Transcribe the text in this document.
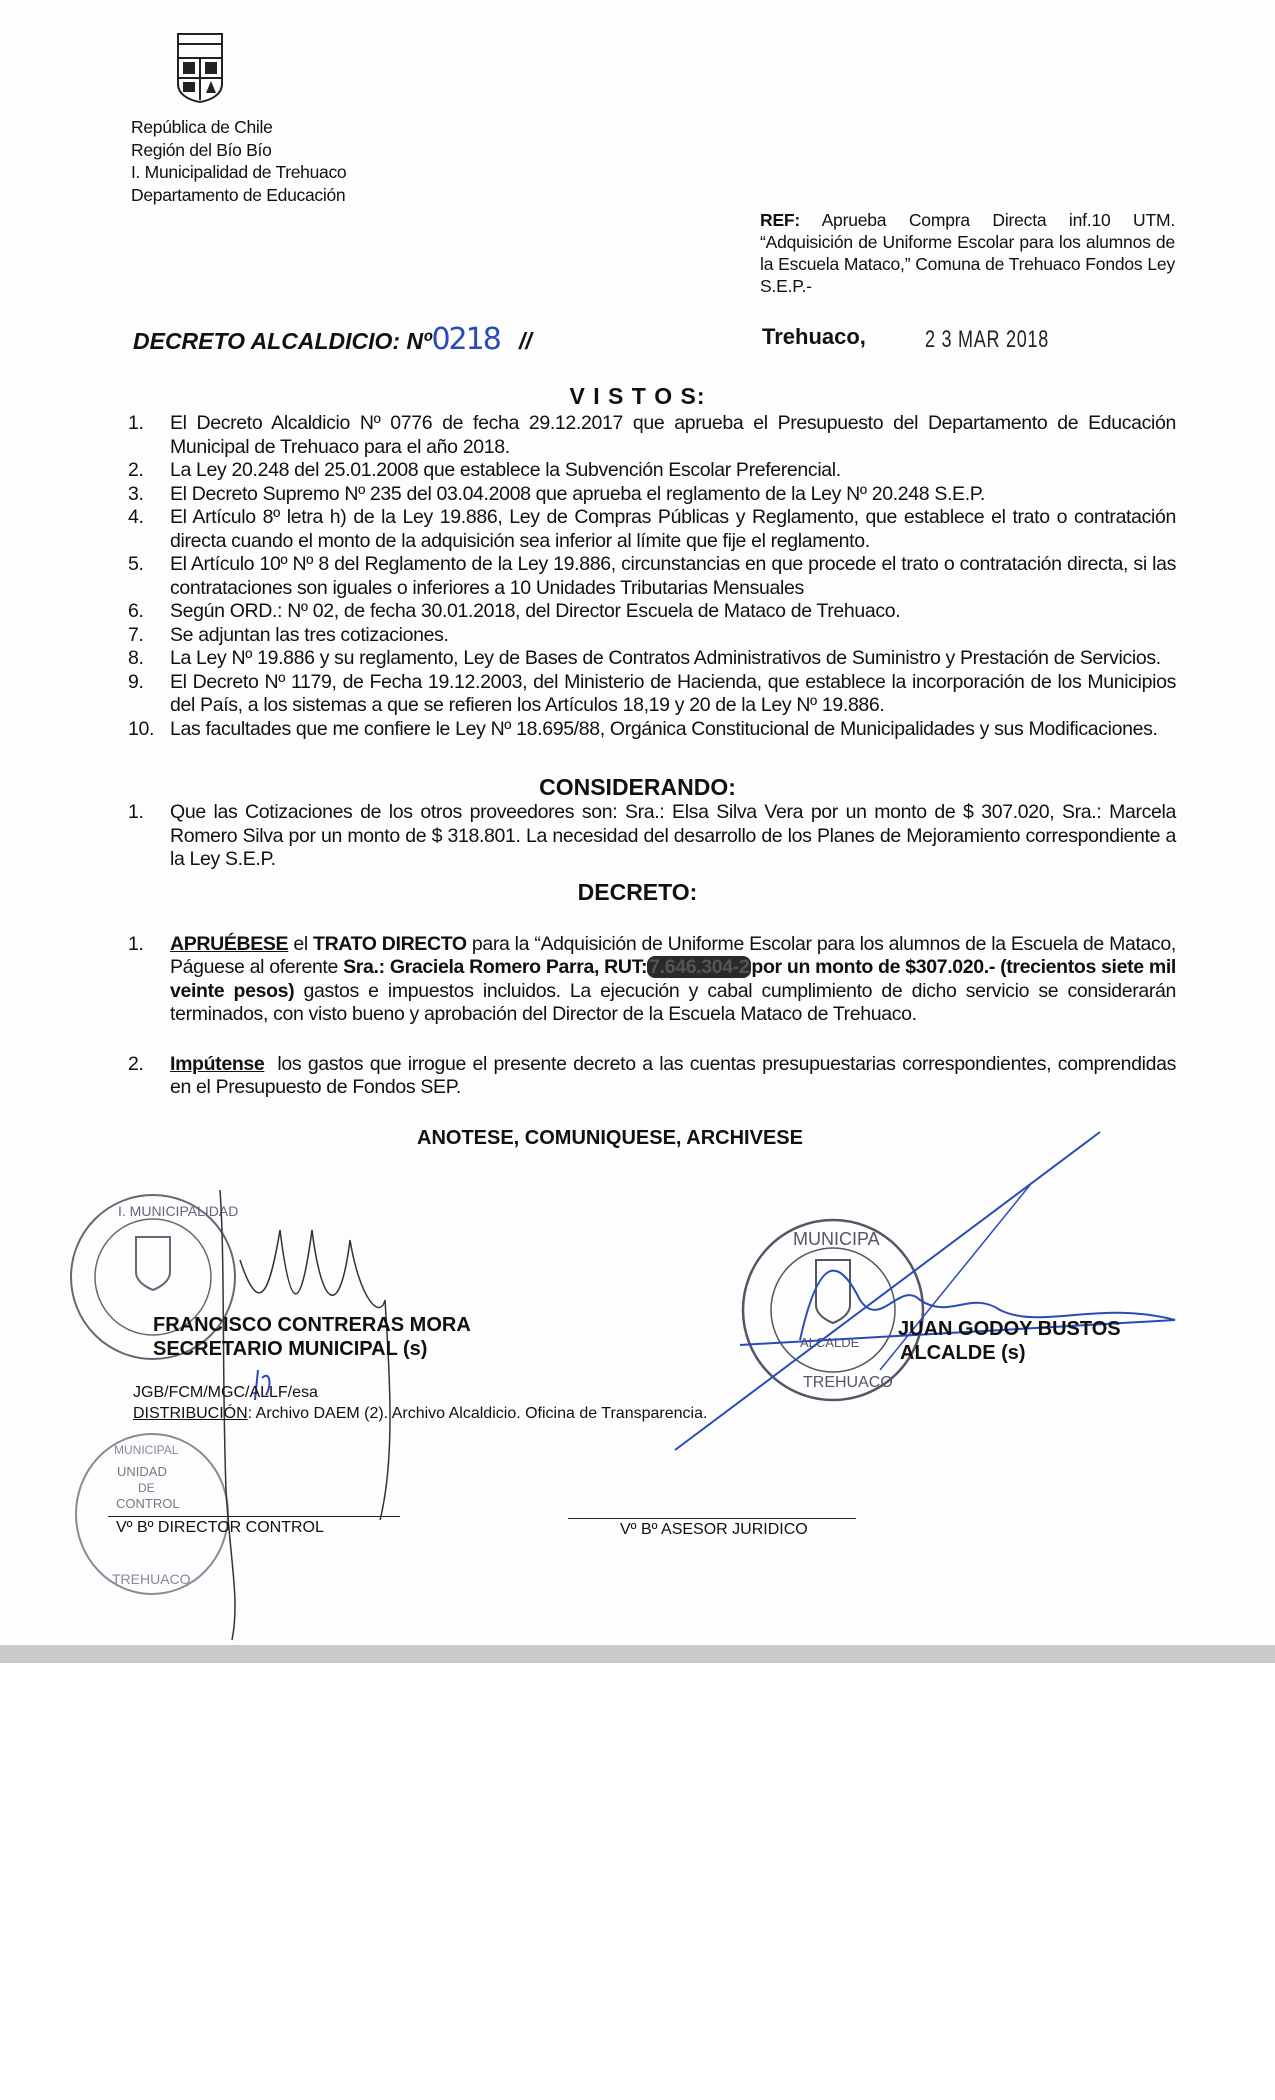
República de Chile
Región del Bío Bío
I. Municipalidad de Trehuaco
Departamento de Educación
REF: Aprueba Compra Directa inf.10 UTM. “Adquisición de Uniforme Escolar para los alumnos de la Escuela Mataco,” Comuna de Trehuaco Fondos Ley S.E.P.-
DECRETO ALCALDICIO: Nº0218 //	Trehuaco, 2 3 MAR 2018
V I S T O S:
1.	El Decreto Alcaldicio Nº 0776 de fecha 29.12.2017 que aprueba el Presupuesto del Departamento de Educación Municipal de Trehuaco para el año 2018.
2.	La Ley 20.248 del 25.01.2008 que establece la Subvención Escolar Preferencial.
3.	El Decreto Supremo Nº 235 del 03.04.2008 que aprueba el reglamento de la Ley Nº 20.248 S.E.P.
4.	El Artículo 8º letra h) de la Ley 19.886, Ley de Compras Públicas y Reglamento, que establece el trato o contratación directa cuando el monto de la adquisición sea inferior al límite que fije el reglamento.
5.	El Artículo 10º Nº 8 del Reglamento de la Ley 19.886, circunstancias en que procede el trato o contratación directa, si las contrataciones son iguales o inferiores a 10 Unidades Tributarias Mensuales
6.	Según ORD.: Nº 02, de fecha 30.01.2018, del Director Escuela de Mataco de Trehuaco.
7.	Se adjuntan las tres cotizaciones.
8.	La Ley Nº 19.886 y su reglamento, Ley de Bases de Contratos Administrativos de Suministro y Prestación de Servicios.
9.	El Decreto Nº 1179, de Fecha 19.12.2003, del Ministerio de Hacienda, que establece la incorporación de los Municipios del País, a los sistemas a que se refieren los Artículos 18,19 y 20 de la Ley Nº 19.886.
10. Las facultades que me confiere le Ley Nº 18.695/88, Orgánica Constitucional de Municipalidades y sus Modificaciones.
CONSIDERANDO:
1.	Que las Cotizaciones de los otros proveedores son: Sra.: Elsa Silva Vera por un monto de $ 307.020, Sra.: Marcela Romero Silva por un monto de $ 318.801. La necesidad del desarrollo de los Planes de Mejoramiento correspondiente a la Ley S.E.P.
DECRETO:
1.	APRUÉBESE el TRATO DIRECTO para la “Adquisición de Uniforme Escolar para los alumnos de la Escuela de Mataco, Páguese al oferente Sra.: Graciela Romero Parra, RUT: 7.646.304-2 por un monto de $307.020.- (trecientos siete mil veinte pesos) gastos e impuestos incluidos. La ejecución y cabal cumplimiento de dicho servicio se considerarán terminados, con visto bueno y aprobación del Director de la Escuela Mataco de Trehuaco.
2.	Impútense  los gastos que irrogue el presente decreto a las cuentas presupuestarias correspondientes, comprendidas en el Presupuesto de Fondos SEP.
ANOTESE, COMUNIQUESE, ARCHIVESE
I. MUNICIPALIDAD
MUNICIPA
ALCALDE
TREHUACO
MUNICIPAL
UNIDAD
DE
CONTROL
TREHUACO
FRANCISCO CONTRERAS MORA
SECRETARIO MUNICIPAL (s)
JUAN GODOY BUSTOS
ALCALDE (s)
JGB/FCM/MGC/ALLF/esa
DISTRIBUCIÓN: Archivo DAEM (2). Archivo Alcaldicio. Oficina de Transparencia.
Vº Bº DIRECTOR CONTROL	Vº Bº ASESOR JURIDICO
